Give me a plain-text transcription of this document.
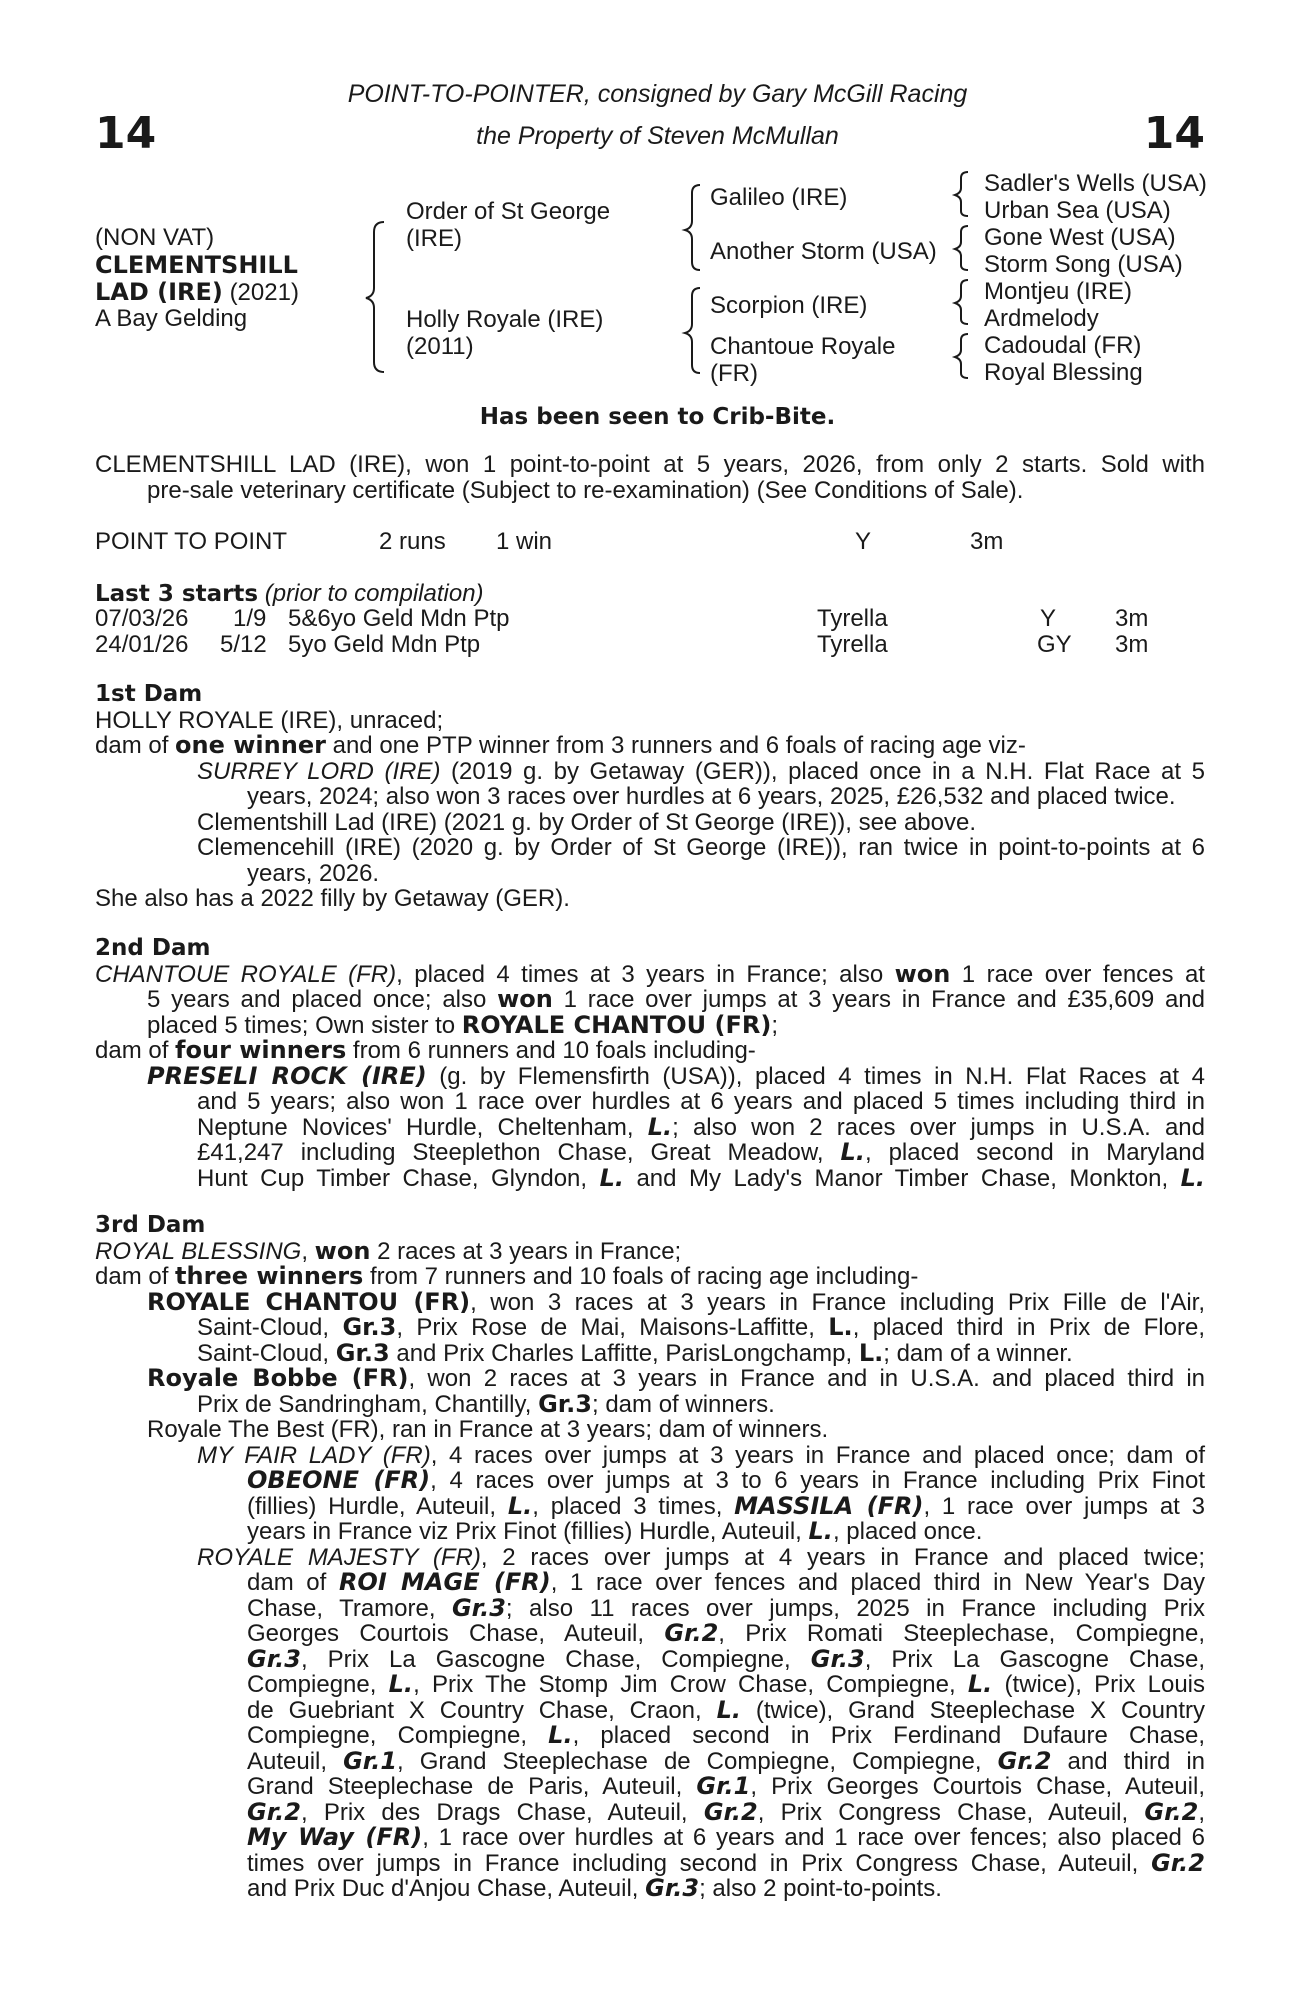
14	14
POINT-TO-POINTER, consigned by Gary McGill Racing
the Property of Steven McMullan
(NON VAT)
CLEMENTSHILL
LAD (IRE) (2021)
A Bay Gelding
Order of St George
(IRE)
Holly Royale (IRE)
(2011)
Galileo (IRE)
Another Storm (USA)
Scorpion (IRE)
Chantoue Royale
(FR)
Sadler's Wells (USA)
Urban Sea (USA)
Gone West (USA)
Storm Song (USA)
Montjeu (IRE)
Ardmelody
Cadoudal (FR)
Royal Blessing
Has been seen to Crib-Bite.
CLEMENTSHILL LAD (IRE), won 1 point-to-point at 5 years, 2026, from only 2 starts. Sold with
pre-sale veterinary certificate (Subject to re-examination) (See Conditions of Sale).
POINT TO POINT	2 runs 1 win	Y	3m
Last 3 starts (prior to compilation)
07/03/26 1/9 5&6yo Geld Mdn Ptp	Tyrella	Y 3m
24/01/26 5/12 5yo Geld Mdn Ptp	Tyrella	GY 3m
1st Dam
HOLLY ROYALE (IRE), unraced;
dam of one winner and one PTP winner from 3 runners and 6 foals of racing age viz-
SURREY LORD (IRE) (2019 g. by Getaway (GER)), placed once in a N.H. Flat Race at 5
years, 2024; also won 3 races over hurdles at 6 years, 2025, £26,532 and placed twice.
Clementshill Lad (IRE) (2021 g. by Order of St George (IRE)), see above.
Clemencehill (IRE) (2020 g. by Order of St George (IRE)), ran twice in point-to-points at 6
years, 2026.
She also has a 2022 filly by Getaway (GER).
2nd Dam
CHANTOUE ROYALE (FR), placed 4 times at 3 years in France; also won 1 race over fences at
5 years and placed once; also won 1 race over jumps at 3 years in France and £35,609 and
placed 5 times; Own sister to ROYALE CHANTOU (FR);
dam of four winners from 6 runners and 10 foals including-
PRESELI ROCK (IRE) (g. by Flemensfirth (USA)), placed 4 times in N.H. Flat Races at 4
and 5 years; also won 1 race over hurdles at 6 years and placed 5 times including third in
Neptune Novices' Hurdle, Cheltenham, L.; also won 2 races over jumps in U.S.A. and
£41,247 including Steeplethon Chase, Great Meadow, L., placed second in Maryland
Hunt Cup Timber Chase, Glyndon, L. and My Lady's Manor Timber Chase, Monkton, L.
3rd Dam
ROYAL BLESSING, won 2 races at 3 years in France;
dam of three winners from 7 runners and 10 foals of racing age including-
ROYALE CHANTOU (FR), won 3 races at 3 years in France including Prix Fille de l'Air,
Saint-Cloud, Gr.3, Prix Rose de Mai, Maisons-Laffitte, L., placed third in Prix de Flore,
Saint-Cloud, Gr.3 and Prix Charles Laffitte, ParisLongchamp, L.; dam of a winner.
Royale Bobbe (FR), won 2 races at 3 years in France and in U.S.A. and placed third in
Prix de Sandringham, Chantilly, Gr.3; dam of winners.
Royale The Best (FR), ran in France at 3 years; dam of winners.
MY FAIR LADY (FR), 4 races over jumps at 3 years in France and placed once; dam of
OBEONE (FR), 4 races over jumps at 3 to 6 years in France including Prix Finot
(fillies) Hurdle, Auteuil, L., placed 3 times, MASSILA (FR), 1 race over jumps at 3
years in France viz Prix Finot (fillies) Hurdle, Auteuil, L., placed once.
ROYALE MAJESTY (FR), 2 races over jumps at 4 years in France and placed twice;
dam of ROI MAGE (FR), 1 race over fences and placed third in New Year's Day
Chase, Tramore, Gr.3; also 11 races over jumps, 2025 in France including Prix
Georges Courtois Chase, Auteuil, Gr.2, Prix Romati Steeplechase, Compiegne,
Gr.3, Prix La Gascogne Chase, Compiegne, Gr.3, Prix La Gascogne Chase,
Compiegne, L., Prix The Stomp Jim Crow Chase, Compiegne, L. (twice), Prix Louis
de Guebriant X Country Chase, Craon, L. (twice), Grand Steeplechase X Country
Compiegne, Compiegne, L., placed second in Prix Ferdinand Dufaure Chase,
Auteuil, Gr.1, Grand Steeplechase de Compiegne, Compiegne, Gr.2 and third in
Grand Steeplechase de Paris, Auteuil, Gr.1, Prix Georges Courtois Chase, Auteuil,
Gr.2, Prix des Drags Chase, Auteuil, Gr.2, Prix Congress Chase, Auteuil, Gr.2,
My Way (FR), 1 race over hurdles at 6 years and 1 race over fences; also placed 6
times over jumps in France including second in Prix Congress Chase, Auteuil, Gr.2
and Prix Duc d'Anjou Chase, Auteuil, Gr.3; also 2 point-to-points.
